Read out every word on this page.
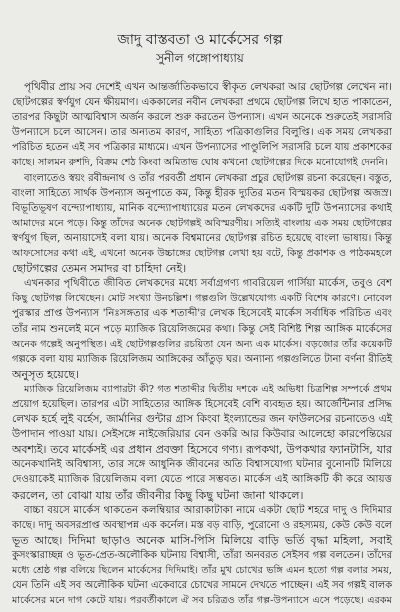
জাদু বাস্তবতা ও মার্কেসের গল্প
সুনীল গঙ্গোপাধ্যায়
পৃথিবীর প্রায় সব দেশেই এখন আন্তর্জাতিকভাবে স্বীকৃত লেখকরা আর ছোটগল্প লেখেন না।
ছোটগল্পের স্বর্ণযুগ যেন ক্ষীয়মাণ। এককালের নবীন লেখকরা প্রথমে ছোটগল্প লিখে হাত পাকাতেন,
তারপর কিছুটা আত্মবিশ্বাস অর্জন করলে শুরু করতেন উপন্যাস। এখন অনেকে শুরুতেই সরাসরি
উপন্যাসে চলে আসেন। তার অন্যতম কারণ, সাহিত্য পত্রিকাগুলির বিলুপ্তি। এক সময় লেখকরা
পরিচিত হতেন এই সব পত্রিকার মাধ্যমে। এখন উপন্যাসের পাণ্ডুলিপি সরাসরি চলে যায় প্রকাশকের
কাছে। সালমন রুশদি, বিক্রম শেঠ কিংবা অমিতাভ ঘোষ কখনো ছোটগল্পের দিকে মনোযোগই দেননি।
বাংলাতেও স্বয়ং রবীন্দ্রনাথ ও তাঁর পরবর্তী প্রধান লেখকরা প্রচুর ছোটগল্প রচনা করেছেন। বস্তুত,
বাংলা সাহিত্যে সার্থক উপন্যাস অনুপাতে কম, কিন্তু হীরক দ্যুতির মতন বিস্ময়কর ছোটগল্প অজস্র।
বিভূতিভূষণ বন্দ্যোপাধ্যায়, মানিক বন্দ্যোপাধ্যায়ের মতন লেখকদের একটি দুটি উপন্যাসের কথাই
আমাদের মনে পড়ে। কিন্তু তাঁদের অনেক ছোটগল্পই অবিস্মরণীয়। সত্যিই বাংলায় এক সময় ছোটগল্পের
স্বর্ণযুগ ছিল, অনায়াসেই বলা যায়। অনেক বিশ্বমানের ছোটগল্প রচিত হয়েছে বাংলা ভাষায়। কিন্তু
আফসোসের কথা এই, এখনো অনেক উচ্চাঙ্গের ছোটগল্প লেখা হয় বটে, কিন্তু প্রকাশক ও পাঠকমহলে
ছোটগল্পের তেমন সমাদর বা চাহিদা নেই।
এখনকার পৃথিবীতে জীবিত লেখকদের মধ্যে সর্বাগ্রগণ্য গাবরিয়েল গার্সিয়া মার্কেস, তবুও বেশ
কিছু ছোটগল্প লিখেছেন। মোট সংখ্যা উনচল্লিশ। গল্পগুলি উল্লেখযোগ্য একটি বিশেষ কারণে। নোবেল
পুরস্কার প্রাপ্ত উপন্যাস 'নিঃসঙ্গতার এক শতাব্দী'র লেখক হিসেবেই মার্কেস সর্বাধিক পরিচিত এবং
তাঁর নাম শুনলেই মনে পড়ে ম্যাজিক রিয়েলিজমের কথা। কিন্তু সেই বিশিষ্ট শিল্প আঙ্গিক মার্কেসের
অনেক গল্পেই অনুপস্থিত। এই ছোটগল্পগুলির রচয়িতা যেন অন্য এক মার্কেস। বড়জোর তাঁর কয়েকটি
গল্পকে বলা যায় ম্যাজিক রিয়েলিজম আঙ্গিকের আঁতুড় ঘর। অন্যান্য গল্পগুলিতে টানা বর্ণনা রীতিই
অনুসৃত হয়েছে।
ম্যাজিক রিয়েলিজম ব্যাপারটা কী? গত শতাব্দীর দ্বিতীয় দশকে এই অভিধা চিত্রশিল্প সম্পর্কে প্রথম
প্রয়োগ হয়েছিল। তারপর এটা সাহিত্যের আঙ্গিক হিসেবেই বেশি ব্যবহৃত হয়। আর্জেন্টিনার প্রসিদ্ধ
লেখক হর্হে লুই বর্হেস, জার্মানির গুন্টার গ্রাস কিংবা ইংল্যান্ডের জন ফাউলসের রচনাতেও এই
উপাদান পাওয়া যায়। সেইসঙ্গে নাইজেরিয়ার বেন ওকরি আর কিউবার আলেহো কারপেন্তিয়ের
অবশ্যই। তবে মার্কেসই এর প্রধান প্রবক্তা হিসেবে গণ্য। রূপকথা, উপকথার ফ্যানটাসি, যার
অনেকখানিই অবিশ্বাস্য, তার সঙ্গে আধুনিক জীবনের অতি বিশ্বাসযোগ্য ঘটনার বুনোনটি মিলিয়ে
দেওয়াকেই ম্যাজিক রিয়েলিজম বলা যেতে পারে সম্ভবত। মার্কেস এই আঙ্গিকটি কী করে আয়ত্ত
করলেন, তা বোঝা যায় তাঁর জীবনীর কিছু কিছু ঘটনা জানা থাকলে।
বাচ্চা বয়সে মার্কেস থাকতেন কলম্বিয়ার আরাকাটাকা নামে একটা ছোট শহরে দাদু ও দিদিমার
কাছে। দাদু অবসরপ্রাপ্ত অবস্থাপন্ন এক কর্নেল। মস্ত বড় বাড়ি, পুরোনো ও রহস্যময়, কেউ কেউ বলে
ভূত আছে। দিদিমা ছাড়াও অনেক মাসি-পিসি মিলিয়ে বাড়ি ভর্তি বৃদ্ধা মহিলা, সবাই
কুসংস্কারাচ্ছন্ন ও ভূত-প্রেত-অলৌকিক ঘটনায় বিশ্বাসী, তাঁরা অনবরত সেইসব গল্প বলতেন। তাঁদের
মধ্যে শ্রেষ্ঠ গল্প বলিয়ে ছিলেন মার্কেসের দিদিমাই। তাঁর মুখ চোখের ভঙ্গি এমন হতো গল্প বলার সময়,
যেন তিনি এই সব অলৌকিক ঘটনা একেবারে চোখের সামনে দেখতে পাচ্ছেন। এই সব গল্পই বালক
মার্কেসের মনে দাগ কেটে যায়। পরবর্তীকালে ঐ সব চরিত্রও তাঁর গল্প-উপন্যাসে এসে পড়েছে। এরকম
